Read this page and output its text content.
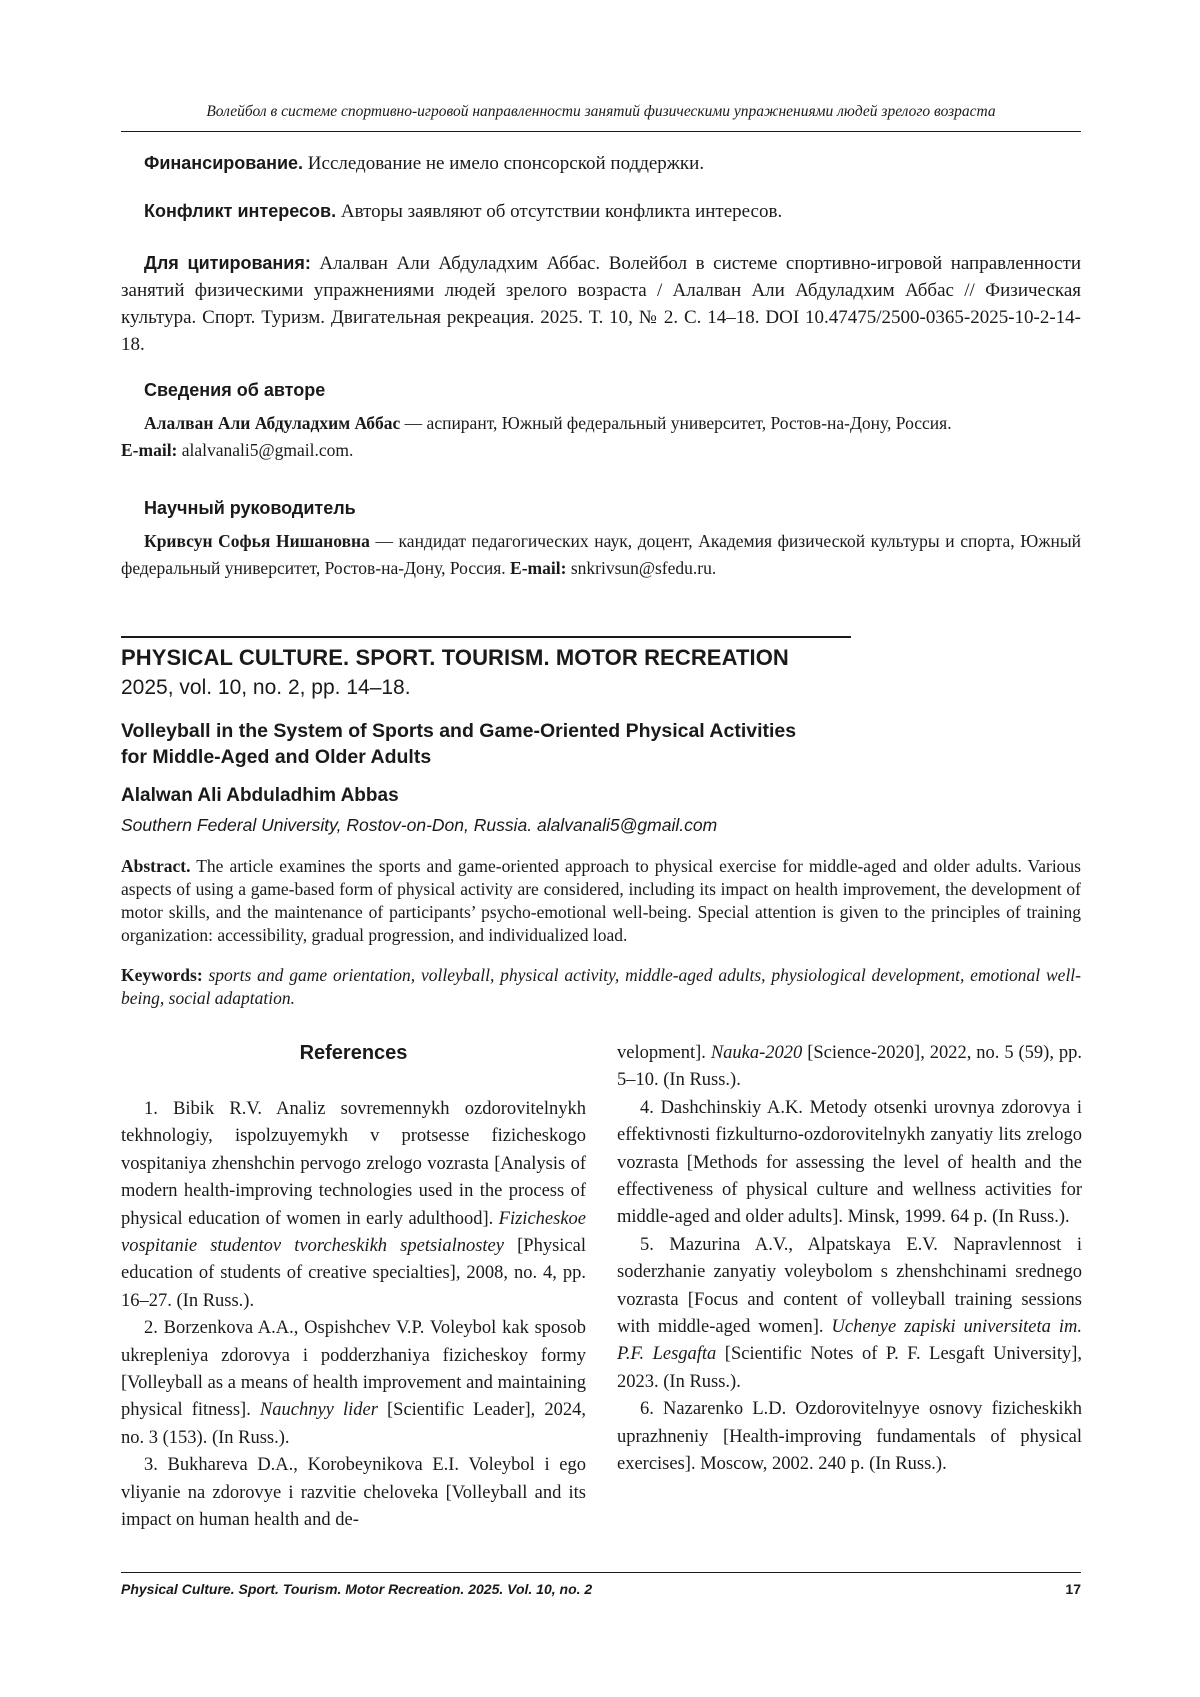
Волейбол в системе спортивно-игровой направленности занятий физическими упражнениями людей зрелого возраста

Финансирование. Исследование не имело спонсорской поддержки.

Конфликт интересов. Авторы заявляют об отсутствии конфликта интересов.

Для цитирования: Алалван Али Абдуладхим Аббас. Волейбол в системе спортивно-игровой направленности занятий физическими упражнениями людей зрелого возраста / Алалван Али Абдуладхим Аббас // Физическая культура. Спорт. Туризм. Двигательная рекреация. 2025. Т. 10, № 2. С. 14–18. DOI 10.47475/2500-0365-2025-10-2-14-18.

Сведения об авторе

Алалван Али Абдуладхим Аббас — аспирант, Южный федеральный университет, Ростов-на-Дону, Россия.
E-mail: alalvanali5@gmail.com.

Научный руководитель

Кривсун Софья Нишановна — кандидат педагогических наук, доцент, Академия физической культуры и спорта, Южный федеральный университет, Ростов-на-Дону, Россия. E-mail: snkrivsun@sfedu.ru.

PHYSICAL CULTURE. SPORT. TOURISM. MOTOR RECREATION
2025, vol. 10, no. 2, pp. 14–18.
Volleyball in the System of Sports and Game-Oriented Physical Activities
for Middle-Aged and Older Adults
Alalwan Ali Abduladhim Abbas
Southern Federal University, Rostov-on-Don, Russia. alalvanali5@gmail.com

Abstract. The article examines the sports and game-oriented approach to physical exercise for middle-aged and older adults. Various aspects of using a game-based form of physical activity are considered, including its impact on health improvement, the development of motor skills, and the maintenance of participants’ psycho-emotional well-being. Special attention is given to the principles of training organization: accessibility, gradual progression, and individualized load.

Keywords: sports and game orientation, volleyball, physical activity, middle-aged adults, physiological development, emotional well-being, social adaptation.

References

1. Bibik R.V. Analiz sovremennykh ozdorovitelnykh tekhnologiy, ispolzuyemykh v protsesse fizicheskogo vospitaniya zhenshchin pervogo zrelogo vozrasta [Analysis of modern health-improving technologies used in the process of physical education of women in early adulthood]. Fizicheskoe vospitanie studentov tvorcheskikh spetsialnostey [Physical education of students of creative specialties], 2008, no. 4, pp. 16–27. (In Russ.).

2. Borzenkova A.A., Ospishchev V.P. Voleybol kak sposob ukrepleniya zdorovya i podderzhaniya fizicheskoy formy [Volleyball as a means of health improvement and maintaining physical fitness]. Nauchnyy lider [Scientific Leader], 2024, no. 3 (153). (In Russ.).

3. Bukhareva D.A., Korobeynikova E.I. Voleybol i ego vliyanie na zdorovye i razvitie cheloveka [Volleyball and its impact on human health and de-

velopment]. Nauka-2020 [Science-2020], 2022, no. 5 (59), pp. 5–10. (In Russ.).

4. Dashchinskiy A.K. Metody otsenki urovnya zdorovya i effektivnosti fizkulturno-ozdorovitelnykh zanyatiy lits zrelogo vozrasta [Methods for assessing the level of health and the effectiveness of physical culture and wellness activities for middle-aged and older adults]. Minsk, 1999. 64 p. (In Russ.).

5. Mazurina A.V., Alpatskaya E.V. Napravlennost i soderzhanie zanyatiy voleybolom s zhenshchinami srednego vozrasta [Focus and content of volleyball training sessions with middle-aged women]. Uchenye zapiski universiteta im. P.F. Lesgafta [Scientific Notes of P. F. Lesgaft University], 2023. (In Russ.).

6. Nazarenko L.D. Ozdorovitelnyye osnovy fizicheskikh uprazhneniy [Health-improving fundamentals of physical exercises]. Moscow, 2002. 240 p. (In Russ.).

Physical Culture. Sport. Tourism. Motor Recreation. 2025. Vol. 10, no. 2	17
